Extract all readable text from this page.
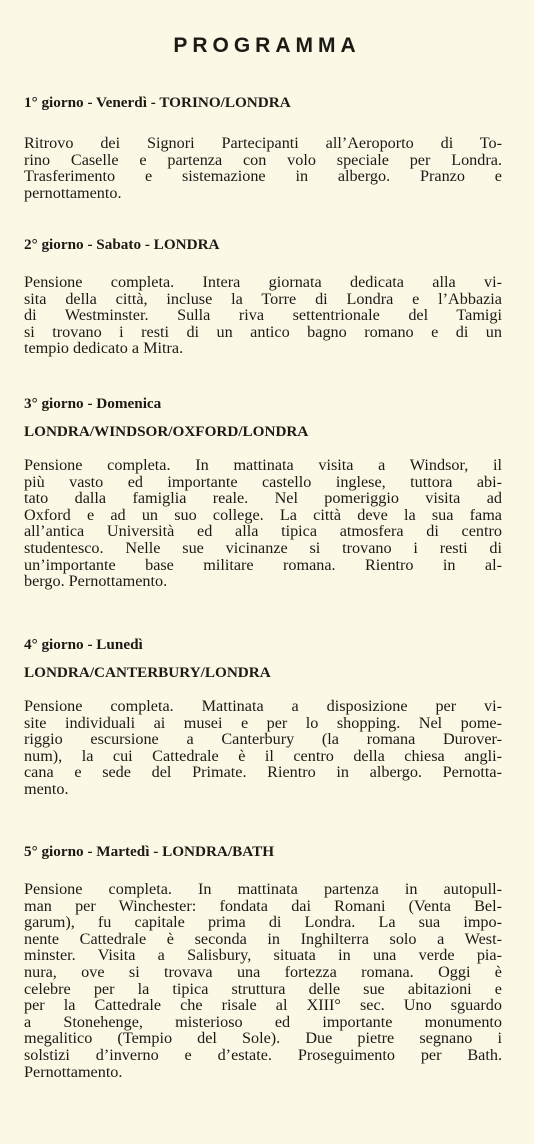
PROGRAMMA
1° giorno - Venerdì - TORINO/LONDRA
Ritrovo dei Signori Partecipanti all’Aeroporto di To-
rino Caselle e partenza con volo speciale per Londra.
Trasferimento e sistemazione in albergo. Pranzo e
pernottamento.
2° giorno - Sabato - LONDRA
Pensione completa. Intera giornata dedicata alla vi-
sita della città, incluse la Torre di Londra e l’Abbazia
di Westminster. Sulla riva settentrionale del Tamigi
si trovano i resti di un antico bagno romano e di un
tempio dedicato a Mitra.
3° giorno - Domenica
LONDRA/WINDSOR/OXFORD/LONDRA
Pensione completa. In mattinata visita a Windsor, il
più vasto ed importante castello inglese, tuttora abi-
tato dalla famiglia reale. Nel pomeriggio visita ad
Oxford e ad un suo college. La città deve la sua fama
all’antica Università ed alla tipica atmosfera di centro
studentesco. Nelle sue vicinanze si trovano i resti di
un’importante base militare romana. Rientro in al-
bergo. Pernottamento.
4° giorno - Lunedì
LONDRA/CANTERBURY/LONDRA
Pensione completa. Mattinata a disposizione per vi-
site individuali ai musei e per lo shopping. Nel pome-
riggio escursione a Canterbury (la romana Durover-
num), la cui Cattedrale è il centro della chiesa angli-
cana e sede del Primate. Rientro in albergo. Pernotta-
mento.
5° giorno - Martedì - LONDRA/BATH
Pensione completa. In mattinata partenza in autopull-
man per Winchester: fondata dai Romani (Venta Bel-
garum), fu capitale prima di Londra. La sua impo-
nente Cattedrale è seconda in Inghilterra solo a West-
minster. Visita a Salisbury, situata in una verde pia-
nura, ove si trovava una fortezza romana. Oggi è
celebre per la tipica struttura delle sue abitazioni e
per la Cattedrale che risale al XIII° sec. Uno sguardo
a Stonehenge, misterioso ed importante monumento
megalitico (Tempio del Sole). Due pietre segnano i
solstizi d’inverno e d’estate. Proseguimento per Bath.
Pernottamento.
